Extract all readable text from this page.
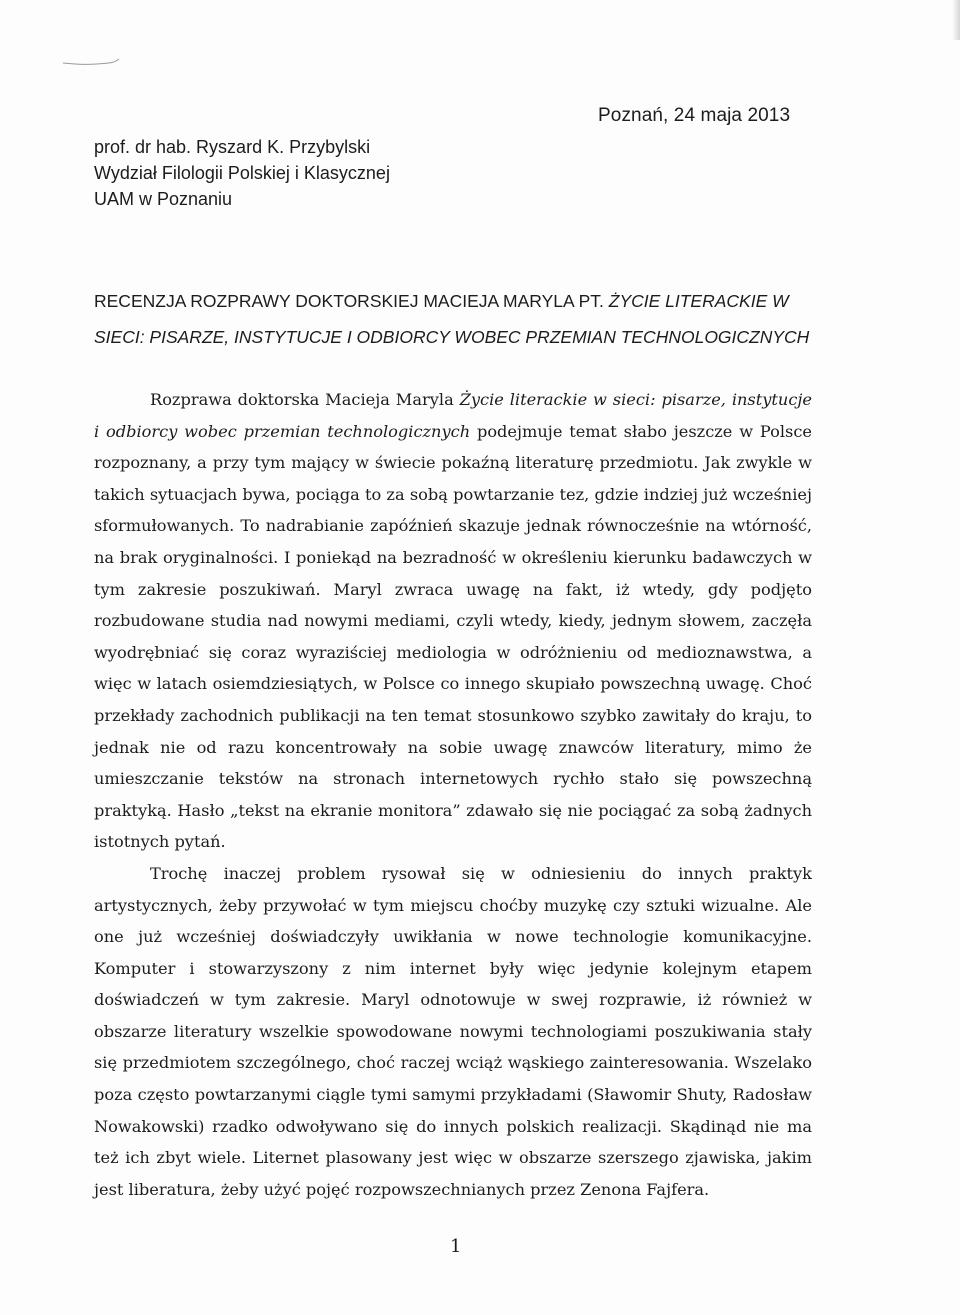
Poznań, 24 maja 2013
prof. dr hab. Ryszard K. Przybylski
Wydział Filologii Polskiej i Klasycznej
UAM w Poznaniu
RECENZJA ROZPRAWY DOKTORSKIEJ MACIEJA MARYLA PT. ŻYCIE LITERACKIE W
SIECI: PISARZE, INSTYTUCJE I ODBIORCY WOBEC PRZEMIAN TECHNOLOGICZNYCH

Rozprawa doktorska Macieja Maryla Życie literackie w sieci: pisarze, instytucje i odbiorcy wobec przemian technologicznych podejmuje temat słabo jeszcze w Polsce rozpoznany, a przy tym mający w świecie pokaźną literaturę przedmiotu. Jak zwykle w takich sytuacjach bywa, pociąga to za sobą powtarzanie tez, gdzie indziej już wcześniej sformułowanych. To nadrabianie zapóźnień skazuje jednak równocześnie na wtórność, na brak oryginalności. I poniekąd na bezradność w określeniu kierunku badawczych w tym zakresie poszukiwań. Maryl zwraca uwagę na fakt, iż wtedy, gdy podjęto rozbudowane studia nad nowymi mediami, czyli wtedy, kiedy, jednym słowem, zaczęła wyodrębniać się coraz wyraziściej mediologia w odróżnieniu od medioznawstwa, a więc w latach osiemdziesiątych, w Polsce co innego skupiało powszechną uwagę. Choć przekłady zachodnich publikacji na ten temat stosunkowo szybko zawitały do kraju, to jednak nie od razu koncentrowały na sobie uwagę znawców literatury, mimo że umieszczanie tekstów na stronach internetowych rychło stało się powszechną praktyką. Hasło „tekst na ekranie monitora” zdawało się nie pociągać za sobą żadnych istotnych pytań.

Trochę inaczej problem rysował się w odniesieniu do innych praktyk artystycznych, żeby przywołać w tym miejscu choćby muzykę czy sztuki wizualne. Ale one już wcześniej doświadczyły uwikłania w nowe technologie komunikacyjne. Komputer i stowarzyszony z nim internet były więc jedynie kolejnym etapem doświadczeń w tym zakresie. Maryl odnotowuje w swej rozprawie, iż również w obszarze literatury wszelkie spowodowane nowymi technologiami poszukiwania stały się przedmiotem szczególnego, choć raczej wciąż wąskiego zainteresowania. Wszelako poza często powtarzanymi ciągle tymi samymi przykładami (Sławomir Shuty, Radosław Nowakowski) rzadko odwoływano się do innych polskich realizacji. Skądinąd nie ma też ich zbyt wiele. Liternet plasowany jest więc w obszarze szerszego zjawiska, jakim jest liberatura, żeby użyć pojęć rozpowszechnianych przez Zenona Fajfera.

1
